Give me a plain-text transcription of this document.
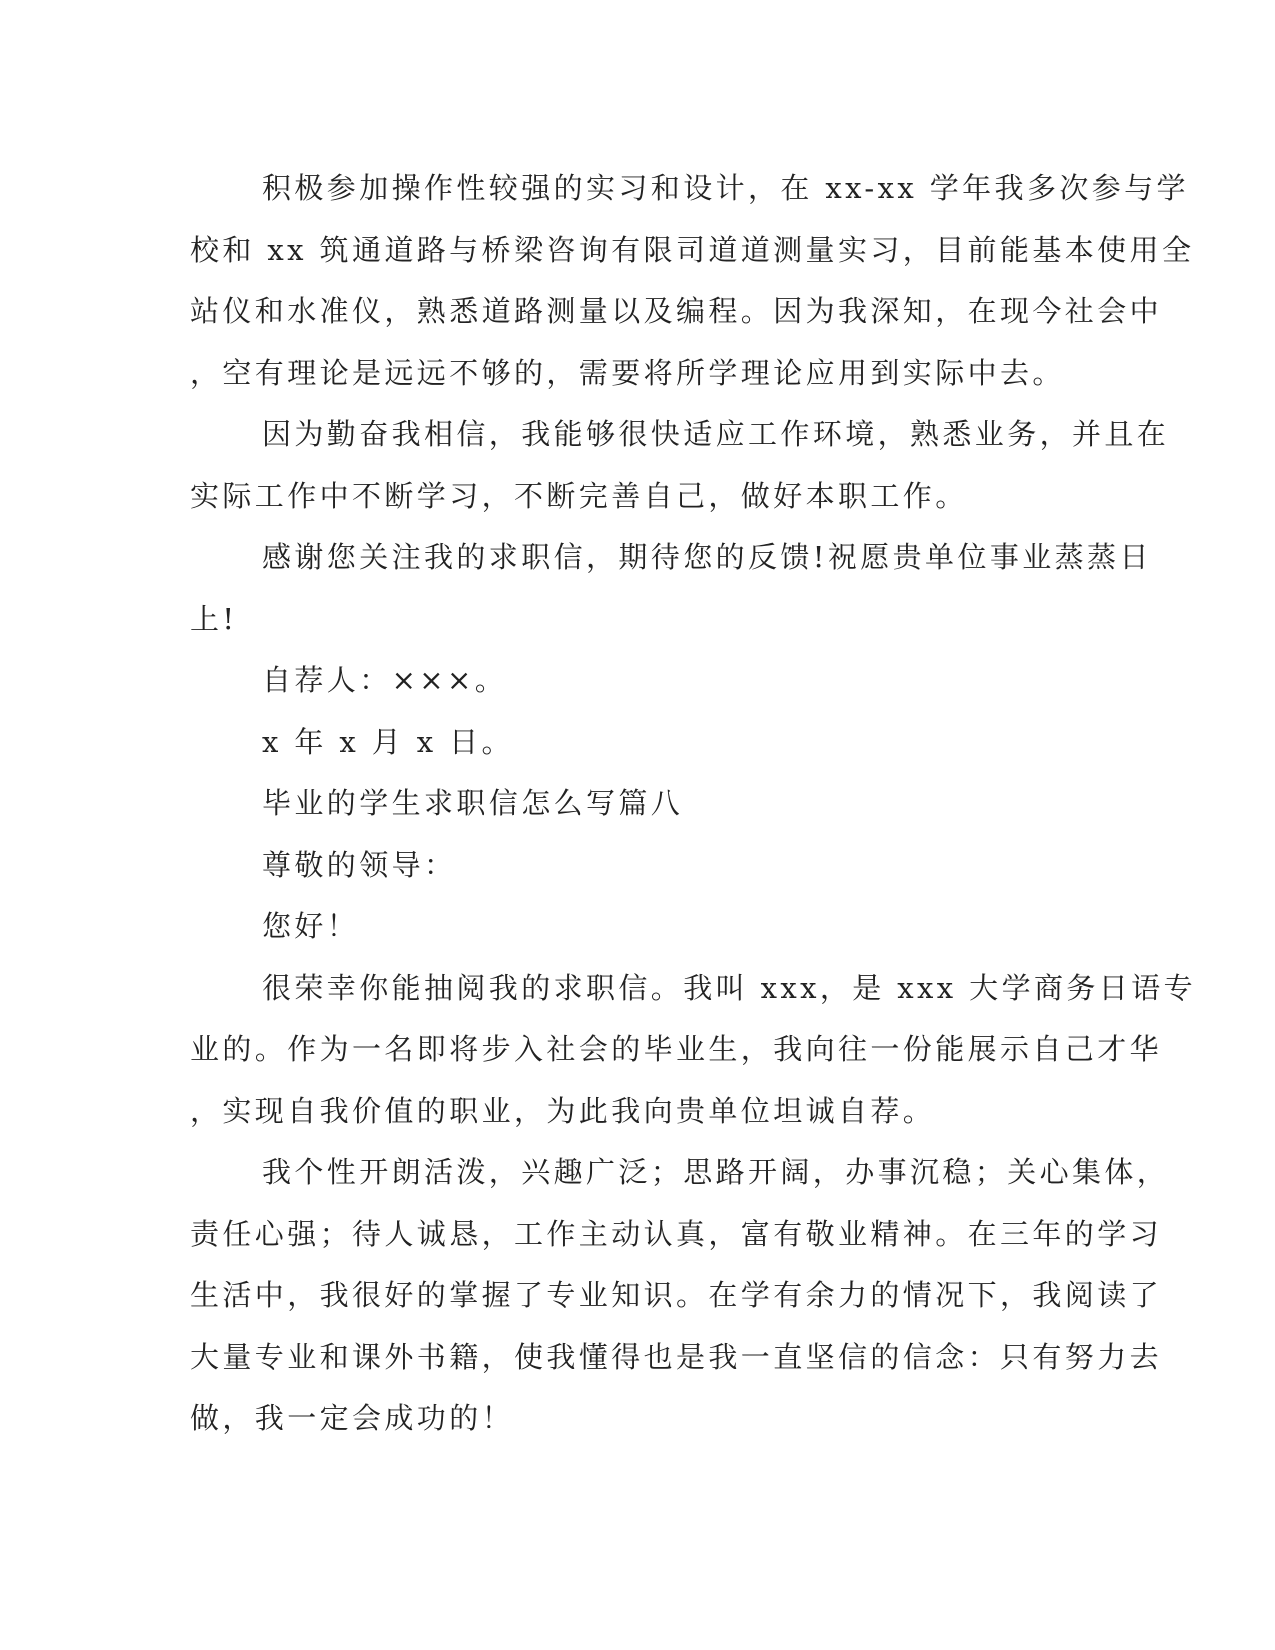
积极参加操作性较强的实习和设计，在 xx-xx 学年我多次参与学
校和 xx 筑通道路与桥梁咨询有限司道道测量实习，目前能基本使用全
站仪和水准仪，熟悉道路测量以及编程。因为我深知，在现今社会中
，空有理论是远远不够的，需要将所学理论应用到实际中去。
因为勤奋我相信，我能够很快适应工作环境，熟悉业务，并且在
实际工作中不断学习，不断完善自己，做好本职工作。
感谢您关注我的求职信，期待您的反馈!祝愿贵单位事业蒸蒸日
上!
自荐人：×××。
x 年 x 月 x 日。
毕业的学生求职信怎么写篇八
尊敬的领导：
您好！
很荣幸你能抽阅我的求职信。我叫 xxx，是 xxx 大学商务日语专
业的。作为一名即将步入社会的毕业生，我向往一份能展示自己才华
，实现自我价值的职业，为此我向贵单位坦诚自荐。
我个性开朗活泼，兴趣广泛；思路开阔，办事沉稳；关心集体，
责任心强；待人诚恳，工作主动认真，富有敬业精神。在三年的学习
生活中，我很好的掌握了专业知识。在学有余力的情况下，我阅读了
大量专业和课外书籍，使我懂得也是我一直坚信的信念：只有努力去
做，我一定会成功的！
